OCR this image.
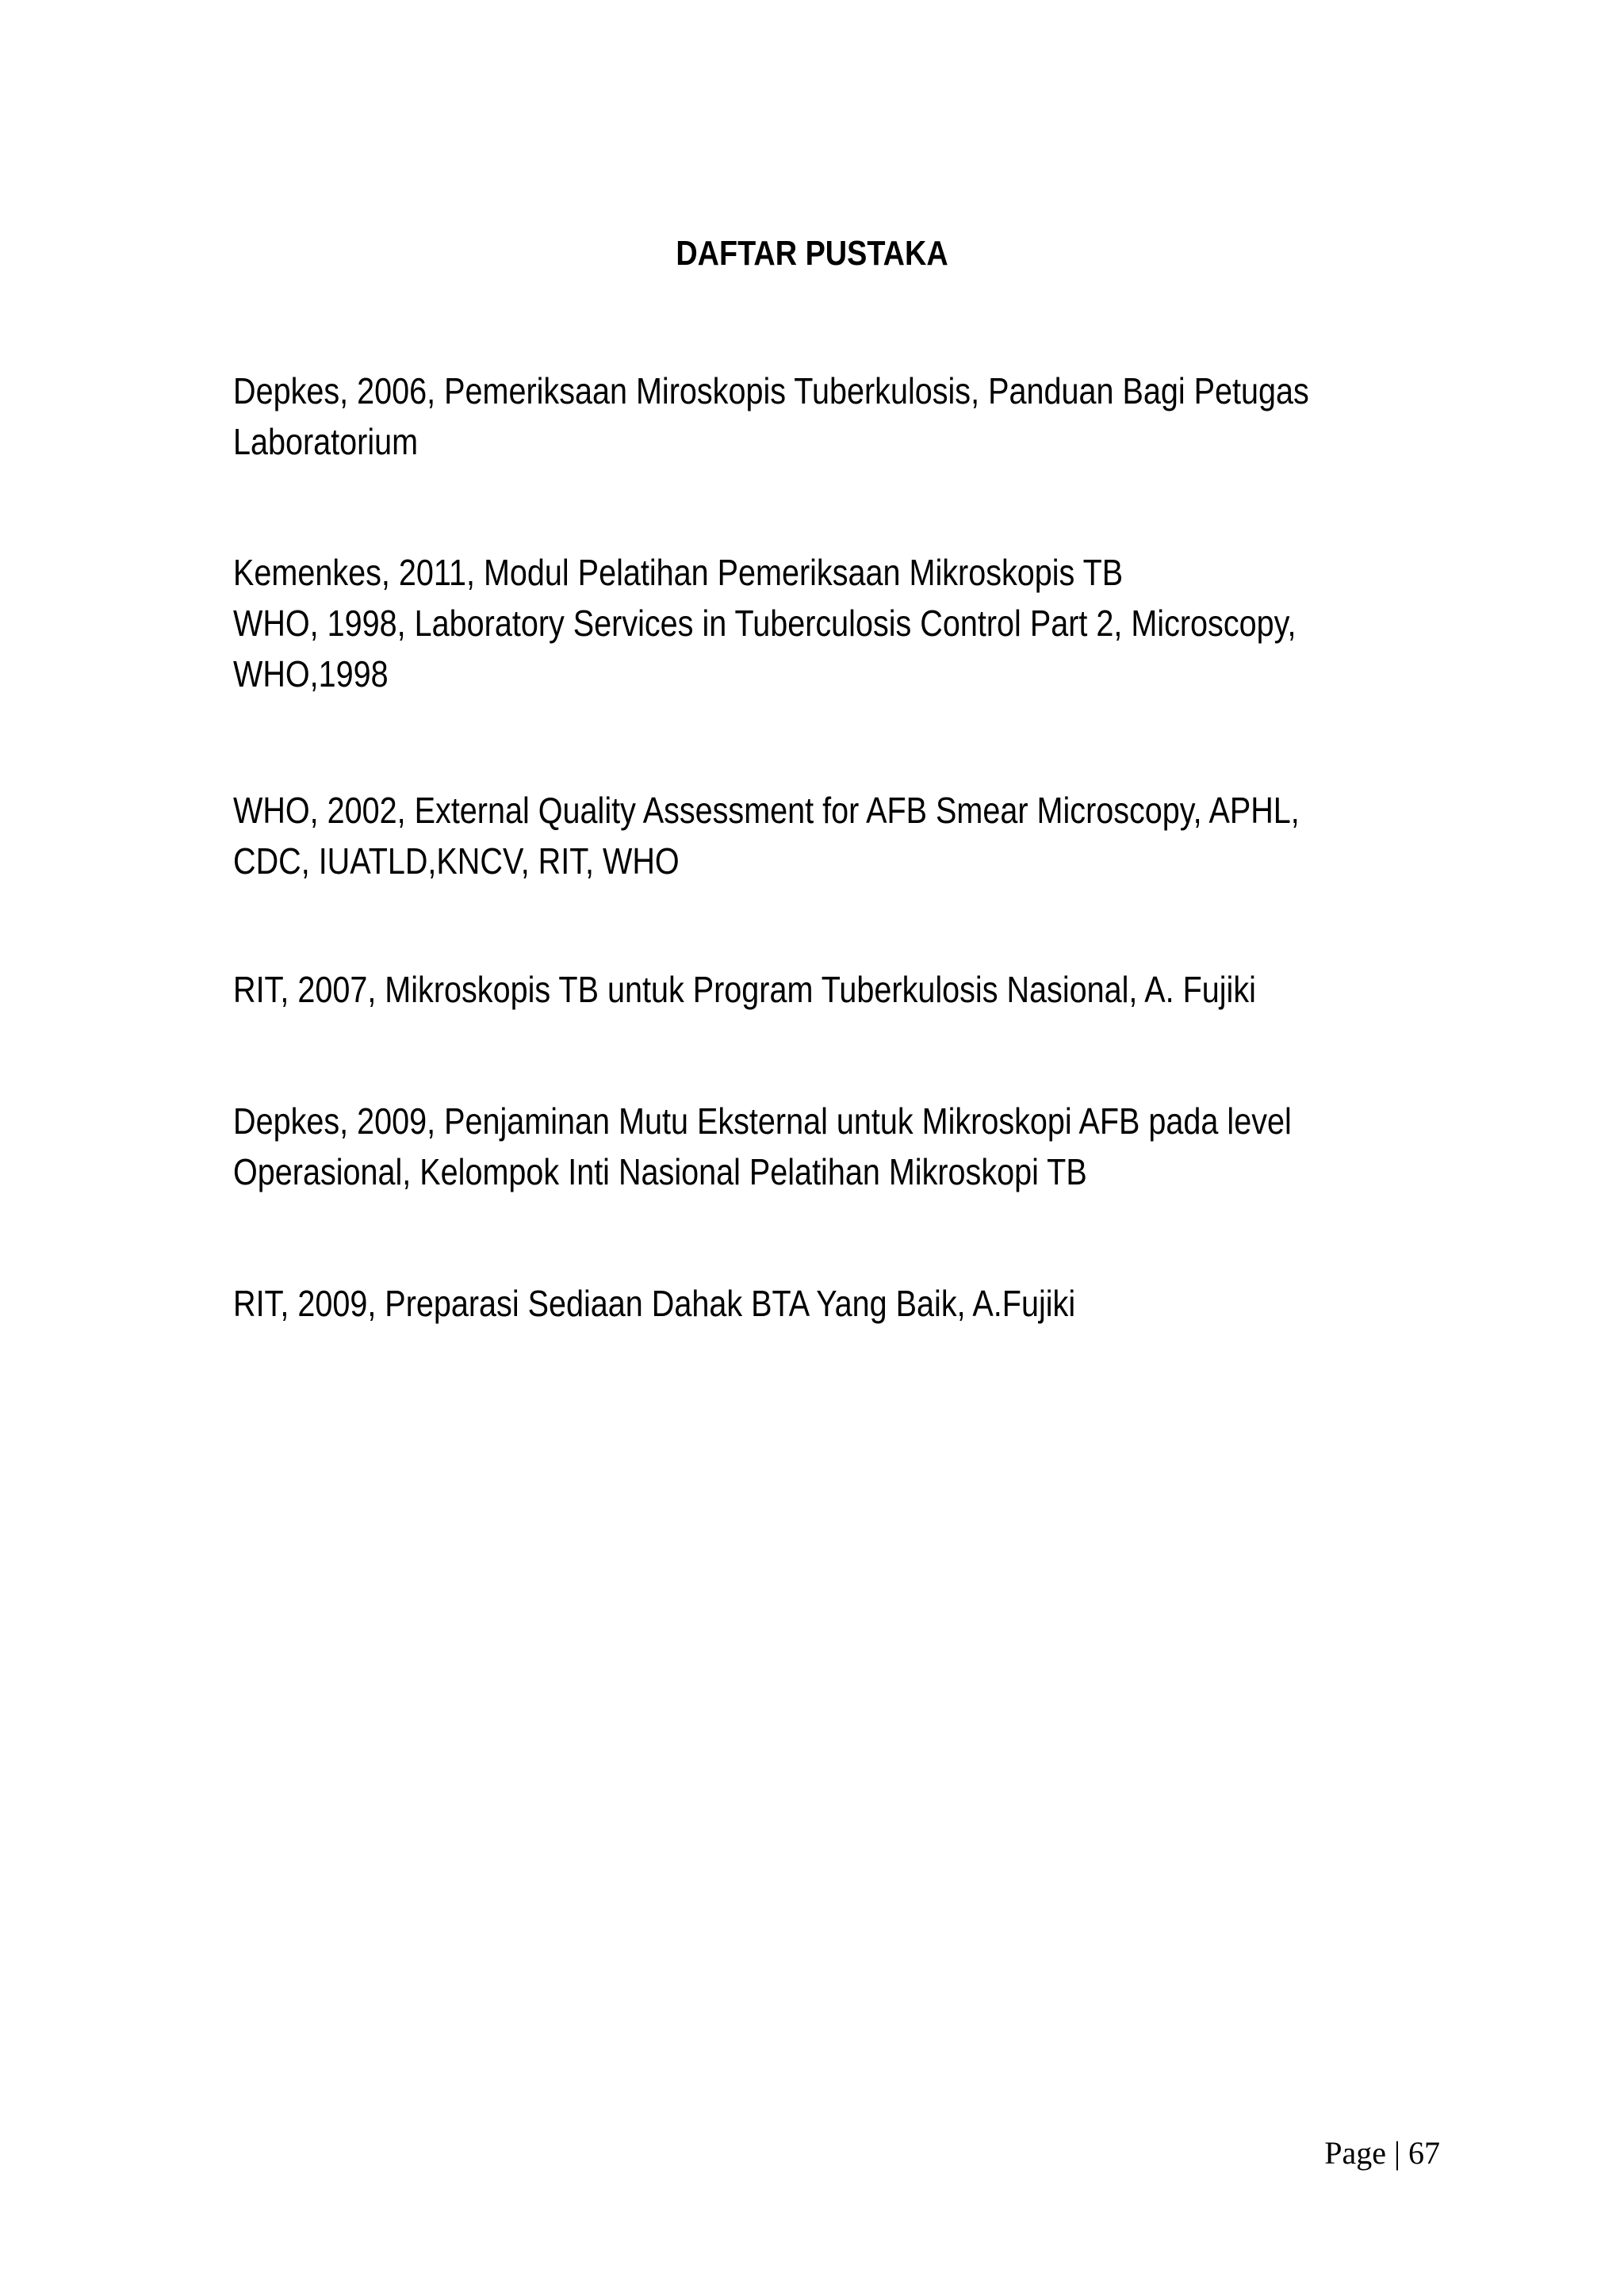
DAFTAR PUSTAKA
Depkes, 2006, Pemeriksaan Miroskopis Tuberkulosis, Panduan Bagi Petugas
Laboratorium
Kemenkes, 2011, Modul Pelatihan Pemeriksaan Mikroskopis TB
WHO, 1998, Laboratory Services in Tuberculosis Control Part 2, Microscopy,
WHO,1998
WHO, 2002, External Quality Assessment for AFB Smear Microscopy, APHL,
CDC, IUATLD,KNCV, RIT, WHO
RIT, 2007, Mikroskopis TB untuk Program Tuberkulosis Nasional, A. Fujiki
Depkes, 2009, Penjaminan Mutu Eksternal untuk Mikroskopi AFB pada level
Operasional, Kelompok Inti Nasional Pelatihan Mikroskopi TB
RIT, 2009, Preparasi Sediaan Dahak BTA Yang Baik, A.Fujiki
Page | 67
